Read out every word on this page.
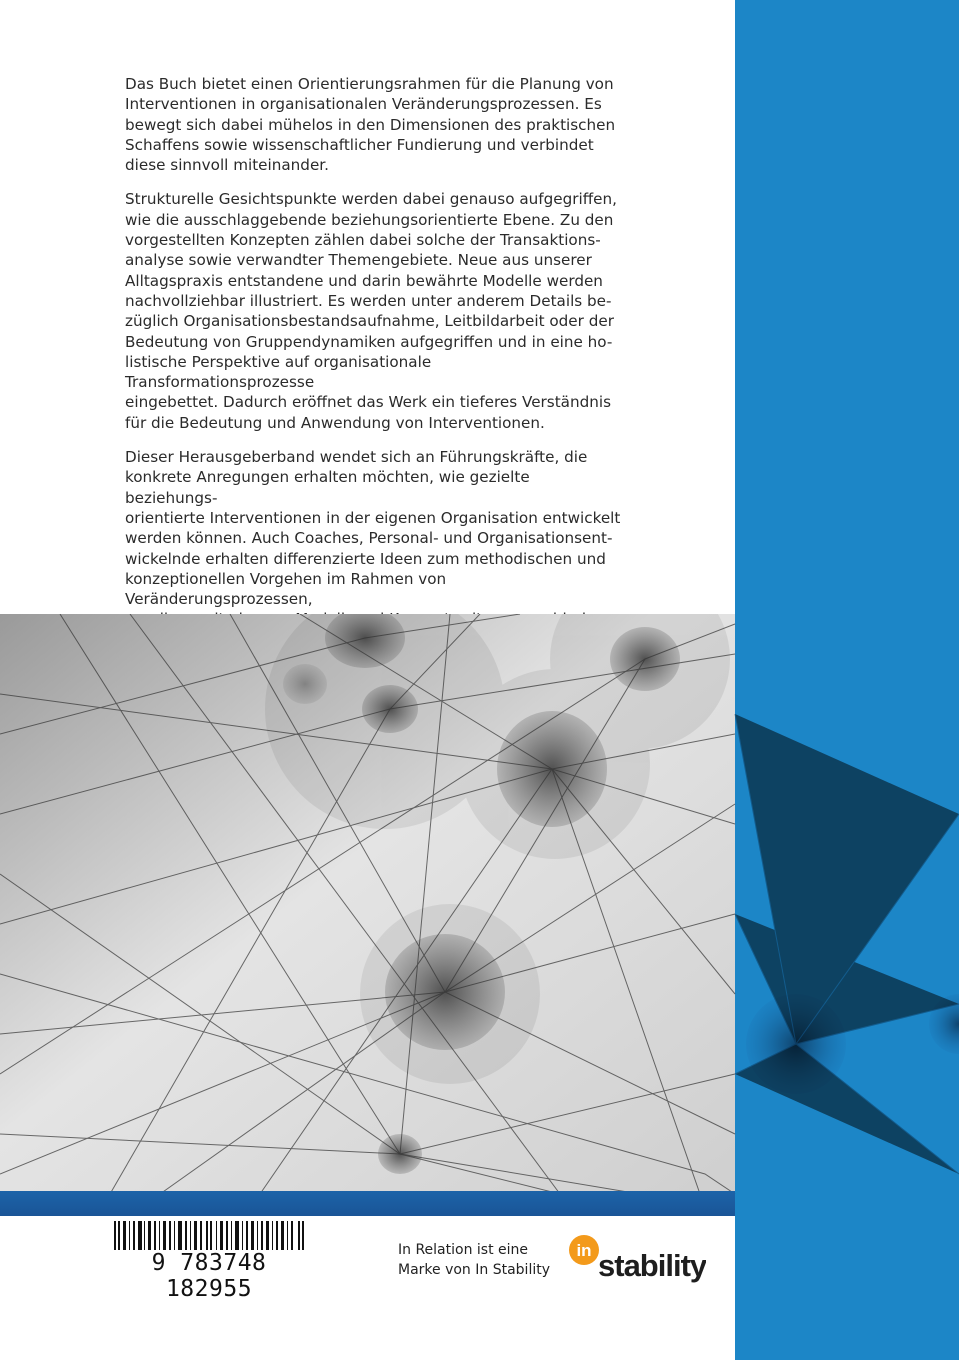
Das Buch bietet einen Orientierungsrahmen für die Planung von
Interventionen in organisationalen Veränderungsprozessen. Es
bewegt sich dabei mühelos in den Dimensionen des praktischen
Schaffens sowie wissenschaftlicher Fundierung und verbindet
diese sinnvoll miteinander.

Strukturelle Gesichtspunkte werden dabei genauso aufgegriffen,
wie die ausschlaggebende beziehungsorientierte Ebene. Zu den
vorgestellten Konzepten zählen dabei solche der Transaktions-
analyse sowie verwandter Themengebiete. Neue aus unserer
Alltagspraxis entstandene und darin bewährte Modelle werden
nachvollziehbar illustriert. Es werden unter anderem Details be-
züglich Organisationsbestandsaufnahme, Leitbildarbeit oder der
Bedeutung von Gruppendynamiken aufgegriffen und in eine ho-
listische Perspektive auf organisationale Transformationsprozesse
eingebettet. Dadurch eröffnet das Werk ein tieferes Verständnis
für die Bedeutung und Anwendung von Interventionen.

Dieser Herausgeberband wendet sich an Führungskräfte, die
konkrete Anregungen erhalten möchten, wie gezielte beziehungs-
orientierte Interventionen in der eigenen Organisation entwickelt
werden können. Auch Coaches, Personal- und Organisationsent-
wickelnde erhalten differenzierte Ideen zum methodischen und
konzeptionellen Vorgehen im Rahmen von Veränderungsprozessen,

9 783748 182955
In Relation ist eine
Marke von In Stability
in stability
